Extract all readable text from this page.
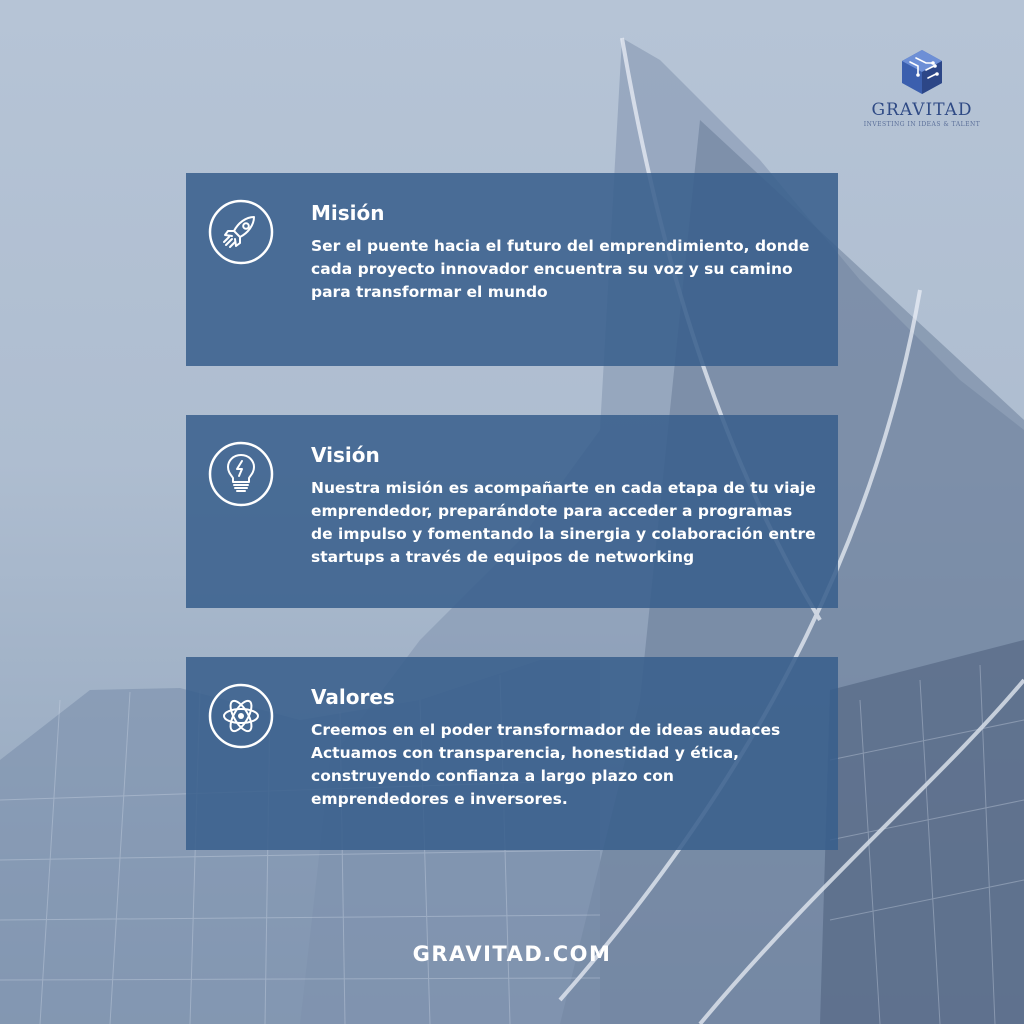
GRAVITAD
INVESTING IN IDEAS & TALENT
Misión

Ser el puente hacia el futuro del emprendimiento, donde cada proyecto innovador encuentra su voz y su camino para transformar el mundo

Visión

Nuestra misión es acompañarte en cada etapa de tu viaje emprendedor, preparándote para acceder a programas de impulso y fomentando la sinergia y colaboración entre startups a través de equipos de networking

Valores

Creemos en el poder transformador de ideas audaces Actuamos con transparencia, honestidad y ética, construyendo confianza a largo plazo con emprendedores e inversores.

GRAVITAD.COM
